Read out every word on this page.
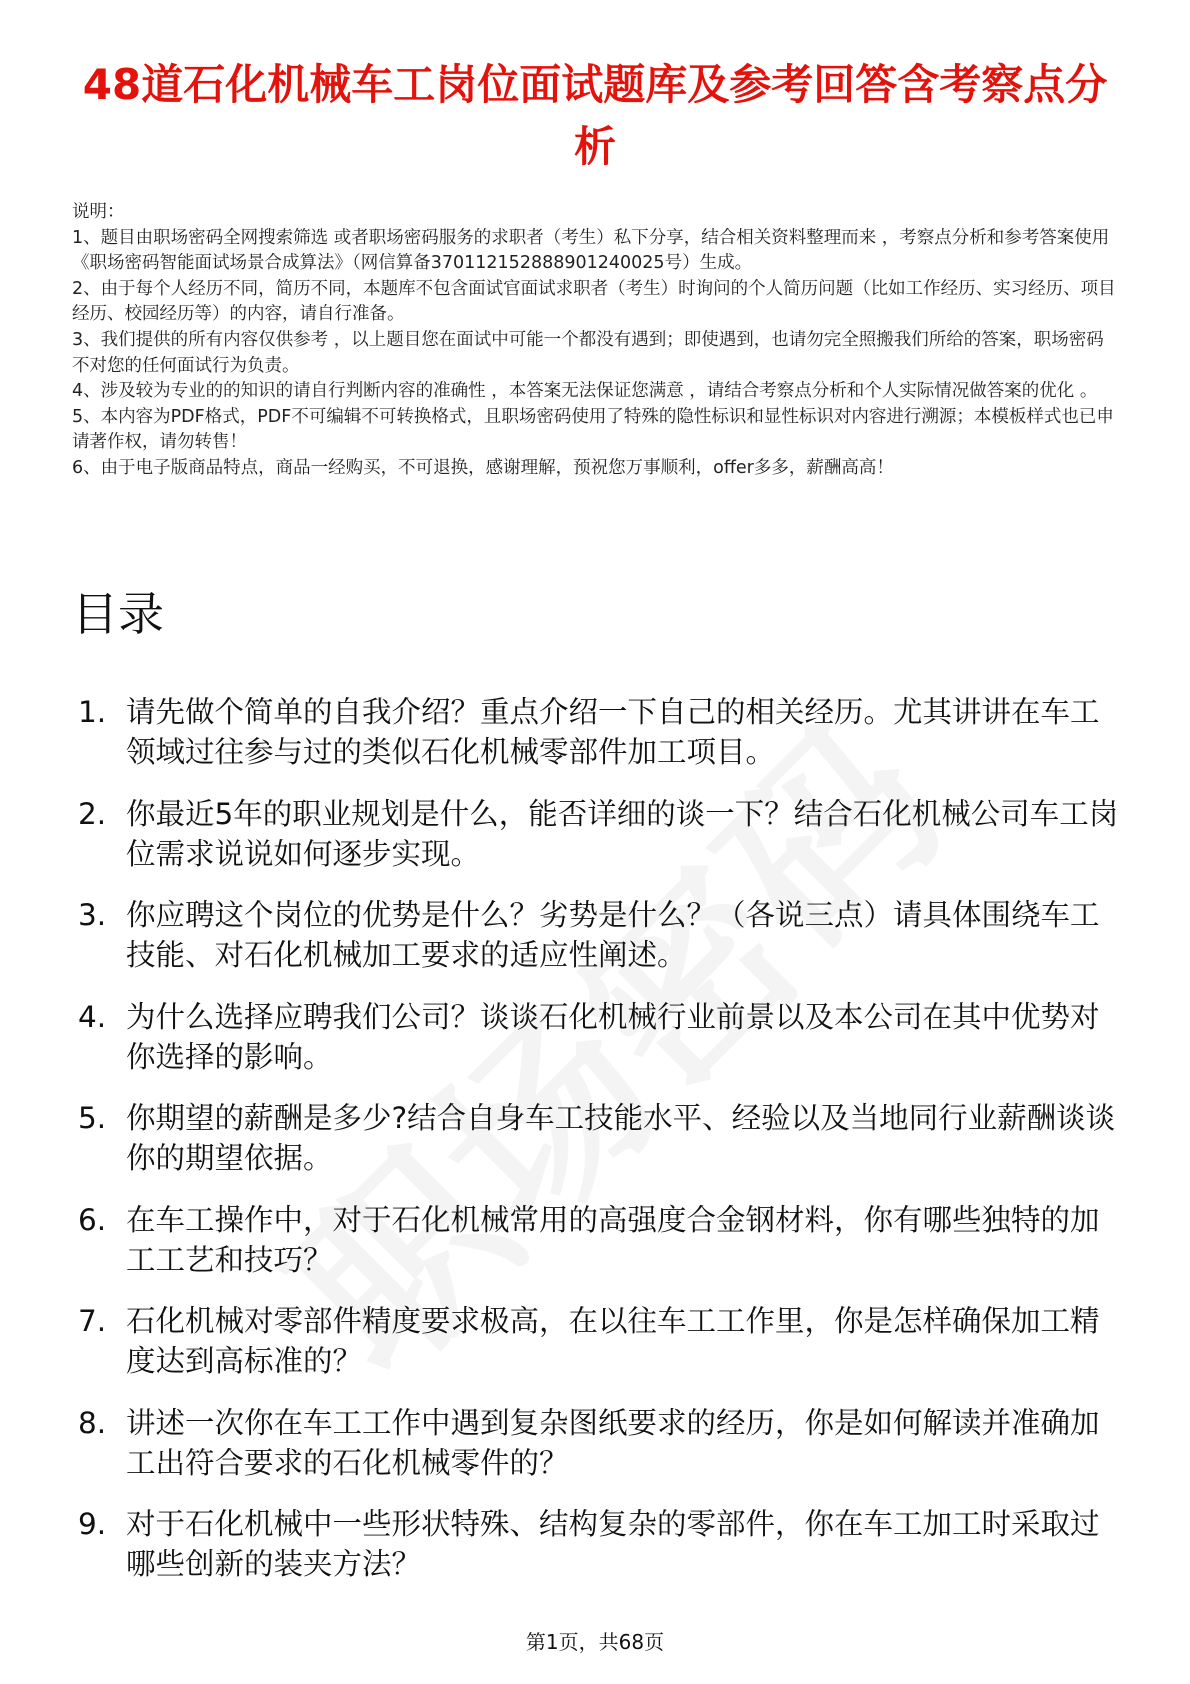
48道石化机械车工岗位面试题库及参考回答含考察点分析
说明：
1、题目由职场密码全网搜索筛选 或者职场密码服务的求职者（考生）私下分享，结合相关资料整理而来 ，考察点分析和参考答案使用《职场密码智能面试场景合成算法》（网信算备370112152888901240025号）生成。
2、由于每个人经历不同，简历不同，本题库不包含面试官面试求职者（考生）时询问的个人简历问题（比如工作经历、实习经历、项目经历、校园经历等）的内容，请自行准备。
3、我们提供的所有内容仅供参考 ，以上题目您在面试中可能一个都没有遇到；即使遇到，也请勿完全照搬我们所给的答案，职场密码不对您的任何面试行为负责。
4、涉及较为专业的的知识的请自行判断内容的准确性 ，本答案无法保证您满意 ，请结合考察点分析和个人实际情况做答案的优化 。
5、本内容为PDF格式，PDF不可编辑不可转换格式，且职场密码使用了特殊的隐性标识和显性标识对内容进行溯源；本模板样式也已申请著作权，请勿转售！
6、由于电子版商品特点，商品一经购买，不可退换，感谢理解，预祝您万事顺利，offer多多，薪酬高高！
目录
1. 请先做个简单的自我介绍？重点介绍一下自己的相关经历。尤其讲讲在车工领域过往参与过的类似石化机械零部件加工项目。
2. 你最近5年的职业规划是什么，能否详细的谈一下？结合石化机械公司车工岗位需求说说如何逐步实现。
3. 你应聘这个岗位的优势是什么？劣势是什么？（各说三点）请具体围绕车工技能、对石化机械加工要求的适应性阐述。
4. 为什么选择应聘我们公司？谈谈石化机械行业前景以及本公司在其中优势对你选择的影响。
5. 你期望的薪酬是多少?结合自身车工技能水平、经验以及当地同行业薪酬谈谈你的期望依据。
6. 在车工操作中，对于石化机械常用的高强度合金钢材料，你有哪些独特的加工工艺和技巧？
7. 石化机械对零部件精度要求极高，在以往车工工作里，你是怎样确保加工精度达到高标准的？
8. 讲述一次你在车工工作中遇到复杂图纸要求的经历，你是如何解读并准确加工出符合要求的石化机械零件的？
9. 对于石化机械中一些形状特殊、结构复杂的零部件，你在车工加工时采取过哪些创新的装夹方法？
第1页，共68页
